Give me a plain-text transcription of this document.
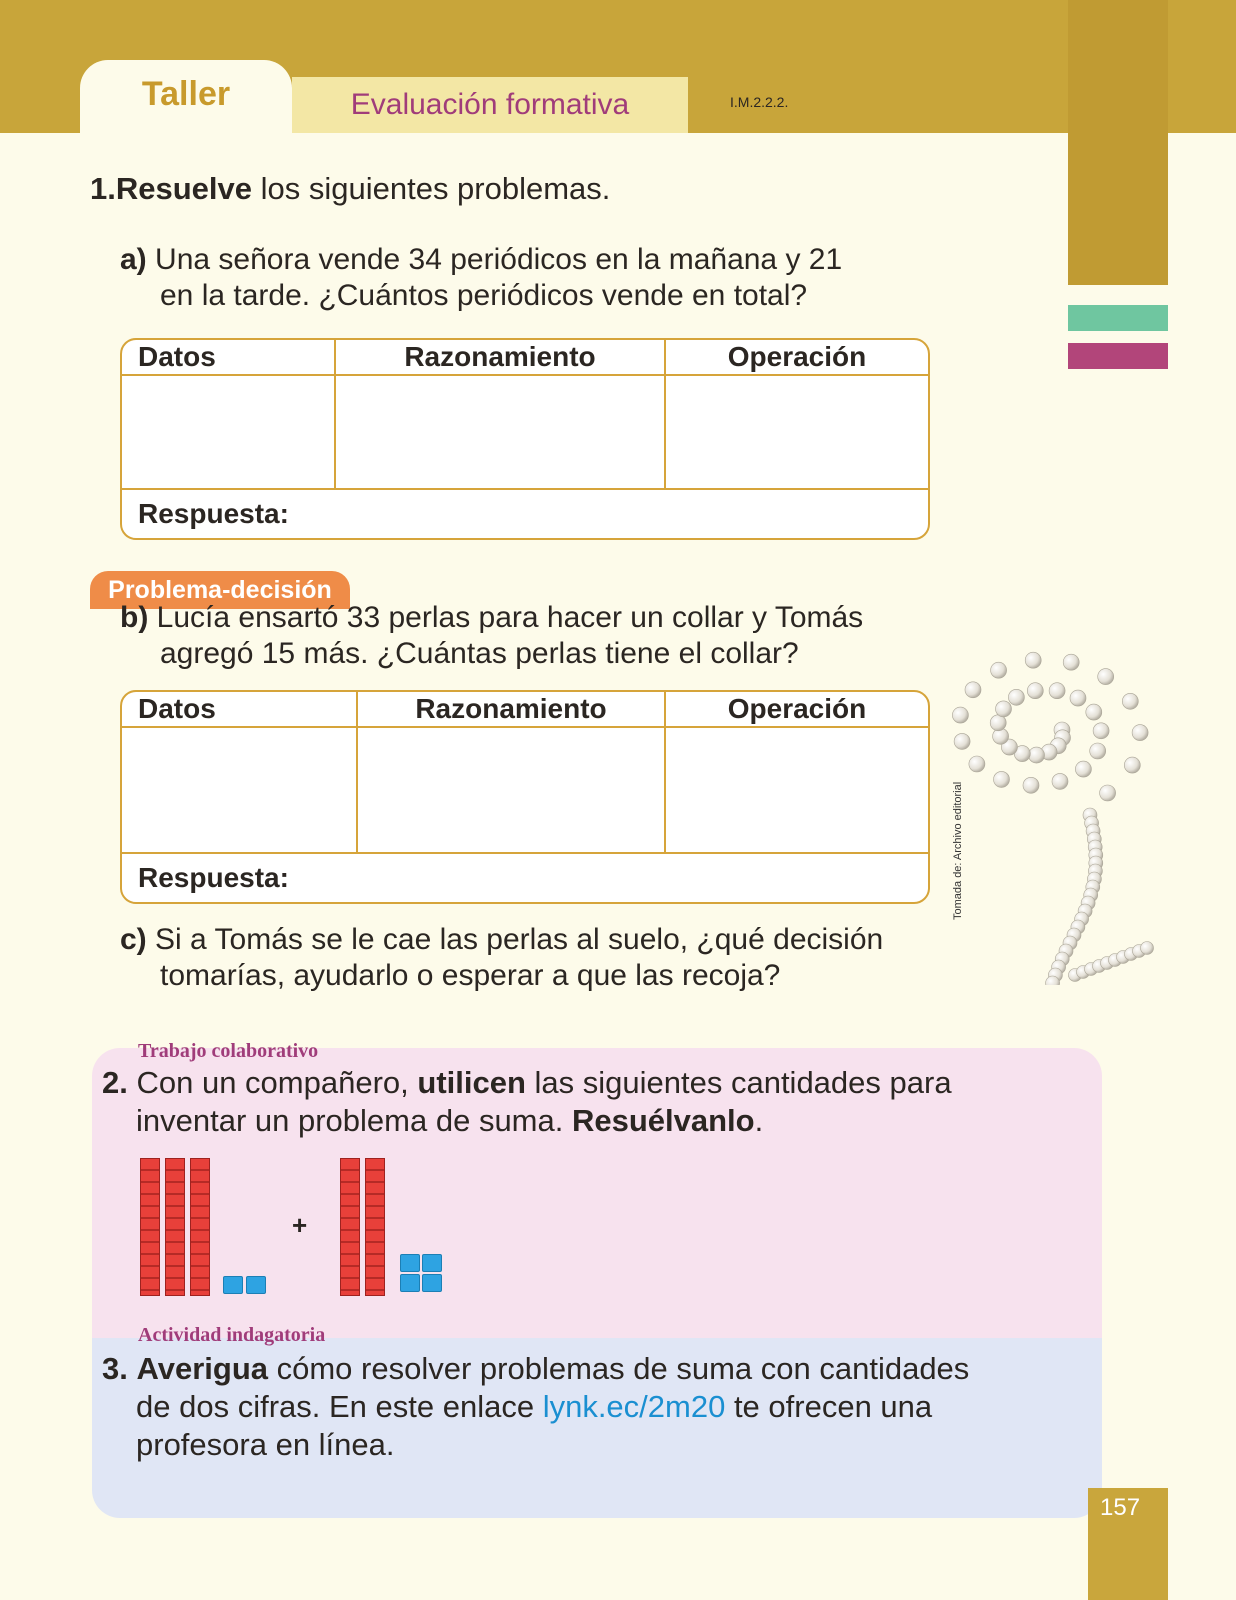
Taller	Evaluación formativa	I.M.2.2.2.
1.Resuelve los siguientes problemas.
a) Una señora vende 34 periódicos en la mañana y 21
en la tarde. ¿Cuántos periódicos vende en total?
Datos	Razonamiento	Operación

Respuesta:		
Problema-decisión
b) Lucía ensartó 33 perlas para hacer un collar y Tomás
agregó 15 más. ¿Cuántas perlas tiene el collar?
Datos	Razonamiento	Operación

Respuesta:			Tomada de: Archivo editorial
c) Si a Tomás se le cae las perlas al suelo, ¿qué decisión
tomarías, ayudarlo o esperar a que las recoja?
Trabajo colaborativo
2. Con un compañero, utilicen las siguientes cantidades para
inventar un problema de suma. Resuélvanlo.
+
Actividad indagatoria
3. Averigua cómo resolver problemas de suma con cantidades
de dos cifras. En este enlace lynk.ec/2m20 te ofrecen una
profesora en línea.
157
